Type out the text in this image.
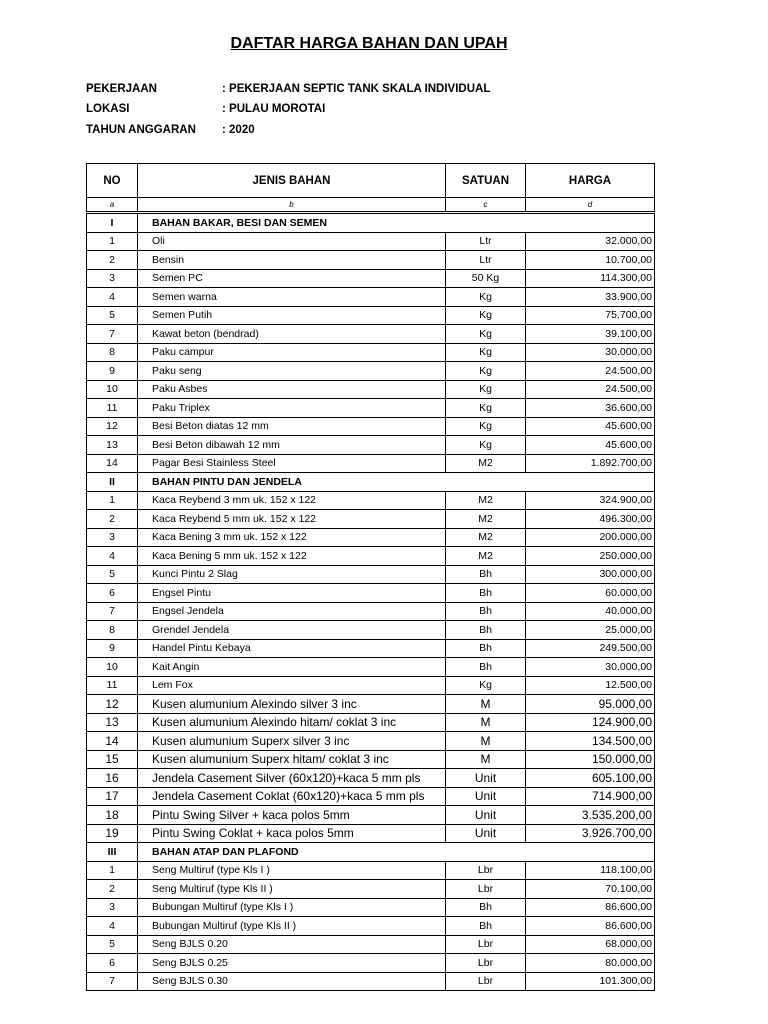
DAFTAR HARGA BAHAN DAN UPAH
PEKERJAAN	: PEKERJAAN SEPTIC TANK SKALA INDIVIDUAL
LOKASI	: PULAU MOROTAI
TAHUN ANGGARAN : 2020
NO	JENIS BAHAN	SATUAN	HARGA
a	b	c	d
I	BAHAN BAKAR, BESI DAN SEMEN		
1	Oli	Ltr	32.000,00
2	Bensin	Ltr	10.700,00
3	Semen PC	50 Kg	114.300,00
4	Semen warna	Kg	33.900,00
5	Semen Putih	Kg	75.700,00
7	Kawat beton (bendrad)	Kg	39.100,00
8	Paku campur	Kg	30.000,00
9	Paku seng	Kg	24.500,00
10	Paku Asbes	Kg	24.500,00
11	Paku Triplex	Kg	36.600,00
12	Besi Beton diatas 12 mm	Kg	45.600,00
13	Besi Beton dibawah 12 mm	Kg	45.600,00
14	Pagar Besi Stainless Steel	M2	1.892.700,00
II	BAHAN PINTU DAN JENDELA		
1	Kaca Reybend 3 mm uk. 152 x 122	M2	324.900,00
2	Kaca Reybend 5 mm uk. 152 x 122	M2	496.300,00
3	Kaca Bening 3 mm uk. 152 x 122	M2	200.000,00
4	Kaca Bening 5 mm uk. 152 x 122	M2	250.000,00
5	Kunci Pintu 2 Slag	Bh	300.000,00
6	Engsel Pintu	Bh	60.000,00
7	Engsel Jendela	Bh	40.000,00
8	Grendel Jendela	Bh	25.000,00
9	Handel Pintu Kebaya	Bh	249.500,00
10	Kait Angin	Bh	30.000,00
11	Lem Fox	Kg	12.500,00
12	Kusen alumunium Alexindo silver 3 inc	M	95.000,00
13	Kusen alumunium Alexindo hitam/ coklat 3 inc	M	124.900,00
14	Kusen alumunium Superx silver 3 inc	M	134.500,00
15	Kusen alumunium Superx hitam/ coklat 3 inc	M	150.000,00
16	Jendela Casement Silver (60x120)+kaca 5 mm pls	Unit	605.100,00
17	Jendela Casement Coklat (60x120)+kaca 5 mm pls	Unit	714.900,00
18	Pintu Swing Silver + kaca polos 5mm	Unit	3.535.200,00
19	Pintu Swing Coklat + kaca polos 5mm	Unit	3.926.700,00
III	BAHAN ATAP DAN PLAFOND		
1	Seng Multiruf (type Kls I )	Lbr	118.100,00
2	Seng Multiruf (type Kls II )	Lbr	70.100,00
3	Bubungan Multiruf (type Kls I )	Bh	86.600,00
4	Bubungan Multiruf (type Kls II )	Bh	86.600,00
5	Seng BJLS 0.20	Lbr	68.000,00
6	Seng BJLS 0.25	Lbr	80.000,00
7	Seng BJLS 0.30	Lbr	101.300,00
